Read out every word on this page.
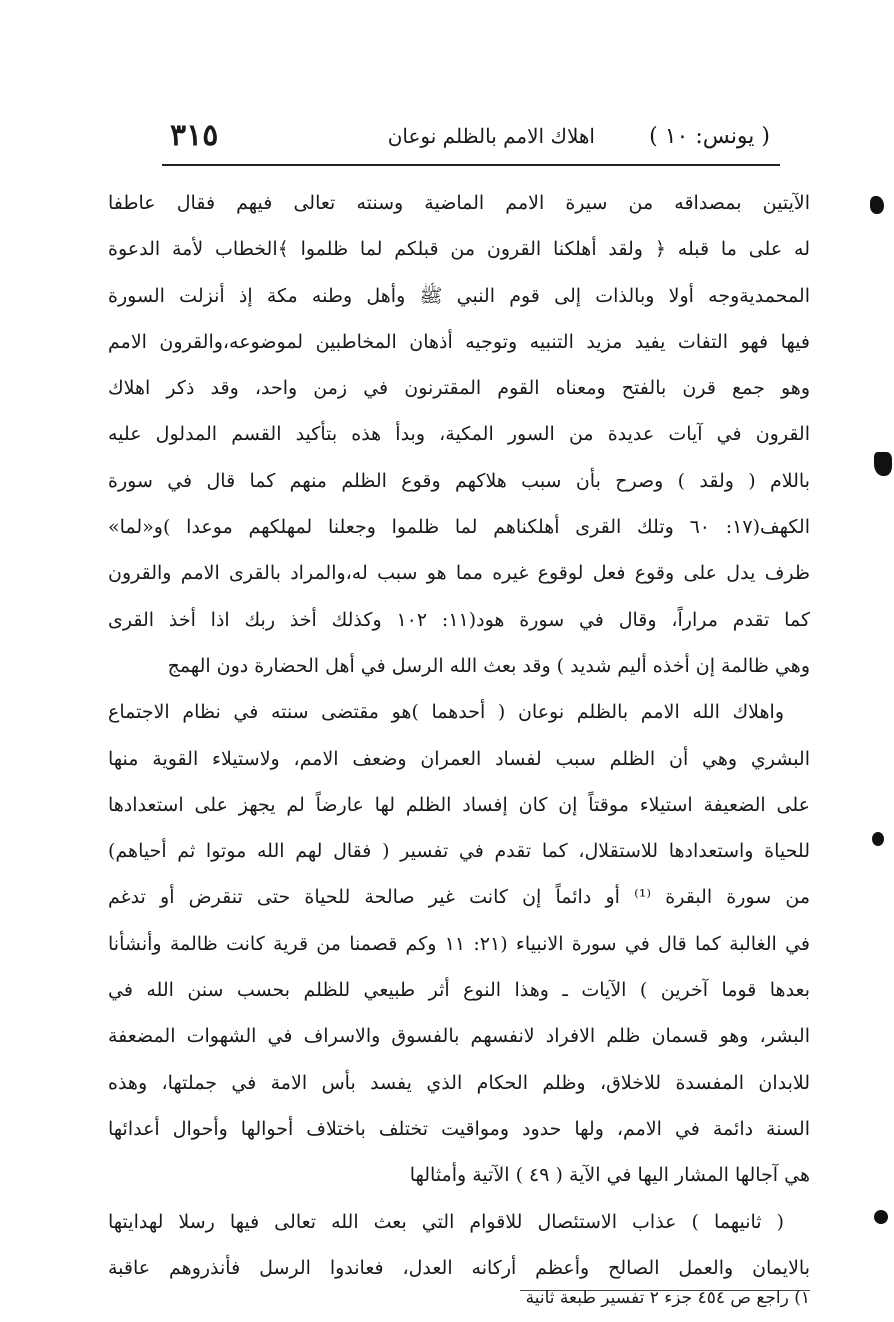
( يونس: ١٠ )
اهلاك الامم بالظلم نوعان
٣١٥
الآيتين بمصداقه من سيرة الامم الماضية وسنته تعالى فيهم فقال عاطفا
له على ما قبله ﴿ ولقد أهلكنا القرون من قبلكم لما ظلموا ﴾الخطاب لأمة الدعوة
المحمديةوجه أولا وبالذات إلى قوم النبي ﷺ وأهل وطنه مكة إذ أنزلت السورة
فيها فهو التفات يفيد مزيد التنبيه وتوجيه أذهان المخاطبين لموضوعه،والقرون الامم
وهو جمع قرن بالفتح ومعناه القوم المقترنون في زمن واحد، وقد ذكر اهلاك
القرون في آيات عديدة من السور المكية، وبدأ هذه بتأكيد القسم المدلول عليه
باللام ( ولقد ) وصرح بأن سبب هلاكهم وقوع الظلم منهم كما قال في سورة
الكهف(١٧: ٦٠ وتلك القرى أهلكناهم لما ظلموا وجعلنا لمهلكهم موعدا )و«لما»
ظرف يدل على وقوع فعل لوقوع غيره مما هو سبب له،والمراد بالقرى الامم والقرون
كما تقدم مراراً، وقال في سورة هود(١١: ١٠٢ وكذلك أخذ ربك اذا أخذ القرى
وهي ظالمة إن أخذه أليم شديد ) وقد بعث الله الرسل في أهل الحضارة دون الهمج
واهلاك الله الامم بالظلم نوعان ( أحدهما )هو مقتضى سنته في نظام الاجتماع
البشري وهي أن الظلم سبب لفساد العمران وضعف الامم، ولاستيلاء القوية منها
على الضعيفة استيلاء موقتاً إن كان إفساد الظلم لها عارضاً لم يجهز على استعدادها
للحياة واستعدادها للاستقلال، كما تقدم في تفسير ( فقال لهم الله موتوا ثم أحياهم)
من سورة البقرة ⁽¹⁾ أو دائماً إن كانت غير صالحة للحياة حتى تنقرض أو تدغم
في الغالبة كما قال في سورة الانبياء (٢١: ١١ وكم قصمنا من قرية كانت ظالمة وأنشأنا
بعدها قوما آخرين ) الآيات ـ وهذا النوع أثر طبيعي للظلم بحسب سنن الله في
البشر، وهو قسمان ظلم الافراد لانفسهم بالفسوق والاسراف في الشهوات المضعفة
للابدان المفسدة للاخلاق، وظلم الحكام الذي يفسد بأس الامة في جملتها، وهذه
السنة دائمة في الامم، ولها حدود ومواقيت تختلف باختلاف أحوالها وأحوال أعدائها
هي آجالها المشار اليها في الآية ( ٤٩ ) الآتية وأمثالها
( ثانيهما ) عذاب الاستئصال للاقوام التي بعث الله تعالى فيها رسلا لهدايتها
بالايمان والعمل الصالح وأعظم أركانه العدل، فعاندوا الرسل فأنذروهم عاقبة
١) راجع ص ٤٥٤ جزء ٢ تفسير طبعة ثانية
